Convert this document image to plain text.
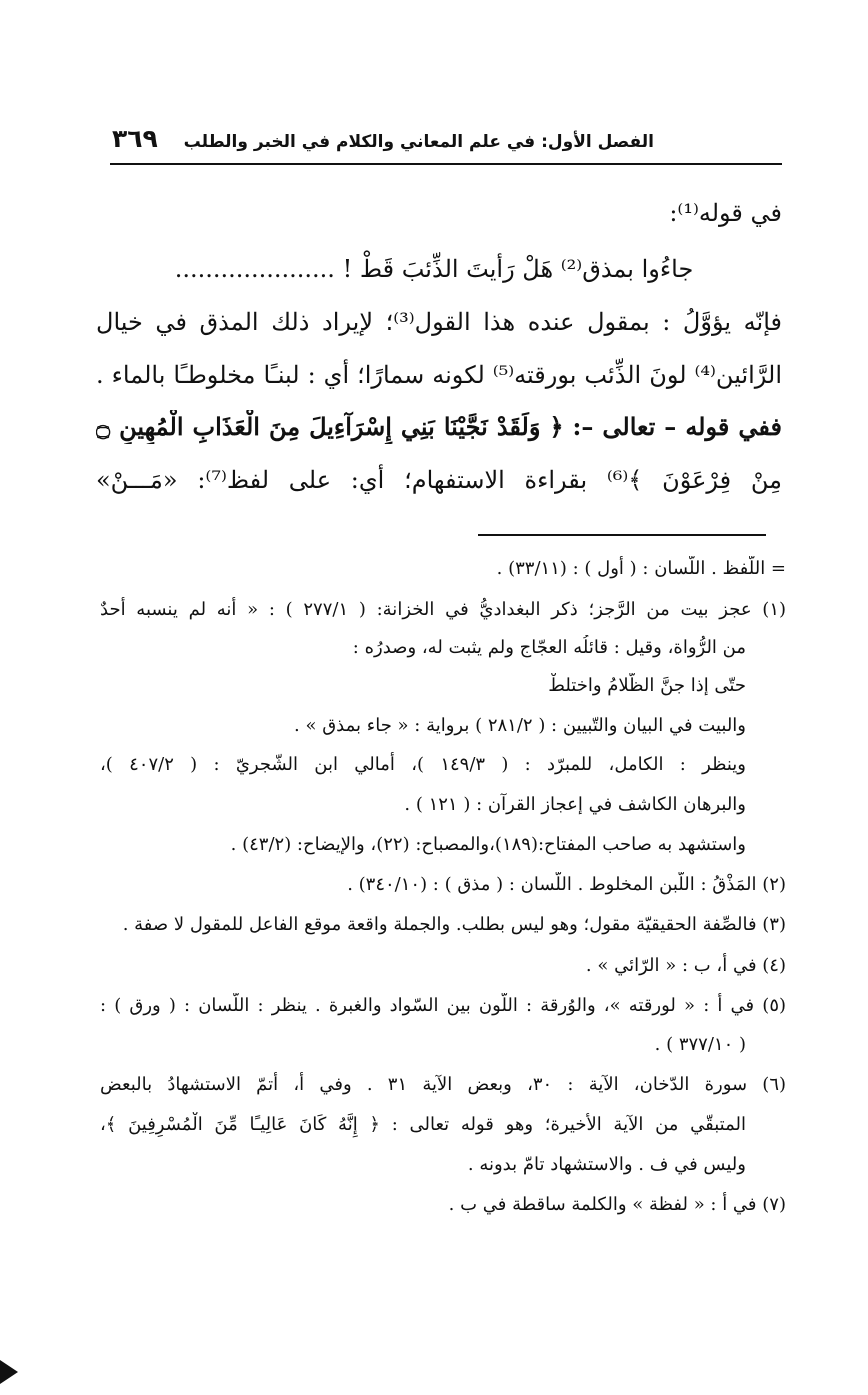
الفصل الأول: في علم المعاني والكلام في الخبر والطلب
٣٦٩
في قوله⁽¹⁾:
جاءُوا بمذق⁽²⁾ هَلْ رَأيتَ الذِّئبَ قَطْ ! .....................
فإنّه يؤوَّلُ : بمقول عنده هذا القول⁽³⁾؛ لإيراد ذلك المذق في خيال
الرَّائين⁽⁴⁾ لونَ الذِّئب بورقته⁽⁵⁾ لكونه سمارًا؛ أي : لبنـًا مخلوطـًا بالماء .
ففي قوله – تعالى –: ﴿ وَلَقَدْ نَجَّيْنَا بَنِي إِسْرَآءِيلَ مِنَ الْعَذَابِ الْمُهِينِ ۝
مِنْ فِرْعَوْنَ ﴾⁽⁶⁾ بقراءة الاستفهام؛ أي: على لفظ⁽⁷⁾: «مَـــنْ»
= اللّفظ . اللّسان : ( أول ) : (٣٣/١١) .
(١) عجز بيت من الرَّجز؛ ذكر البغداديُّ في الخزانة: ( ٢٧٧/١ ) : « أنه لم ينسبه أحدٌ
من الرُّواة، وقيل : قائلُه العجّاج ولم يثبت له، وصدرُه :
حتّى إذا جنَّ الظّلامُ واختلطْ
والبيت في البيان والتّبيين : ( ٢٨١/٢ ) برواية : « جاء بمذق » .
وينظر : الكامل، للمبرّد : ( ١٤٩/٣ )، أمالي ابن الشّجريّ : ( ٤٠٧/٢ )،
والبرهان الكاشف في إعجاز القرآن : ( ١٢١ ) .
واستشهد به صاحب المفتاح:(١٨٩)،والمصباح: (٢٢)، والإيضاح: (٤٣/٢) .
(٢) المَذْقُ : اللّبن المخلوط . اللّسان : ( مذق ) : (٣٤٠/١٠) .
(٣) فالصِّفة الحقيقيّة مقول؛ وهو ليس بطلب. والجملة واقعة موقع الفاعل للمقول لا صفة .
(٤) في أ، ب : « الرّائي » .
(٥) في أ : « لورقته »، والوُرقة : اللّون بين السّواد والغبرة . ينظر : اللّسان : ( ورق ) :
( ٣٧٧/١٠ ) .
(٦) سورة الدّخان، الآية : ٣٠، وبعض الآية ٣١ . وفي أ، أُتمّ الاستشهادُ بالبعض
المتبقّي من الآية الأخيرة؛ وهو قوله تعالى : ﴿ إِنَّهُ كَانَ عَالِيـًا مِّنَ الْمُسْرِفِينَ ﴾،
وليس في ف . والاستشهاد تامّ بدونه .
(٧) في أ : « لفظة » والكلمة ساقطة في ب .
